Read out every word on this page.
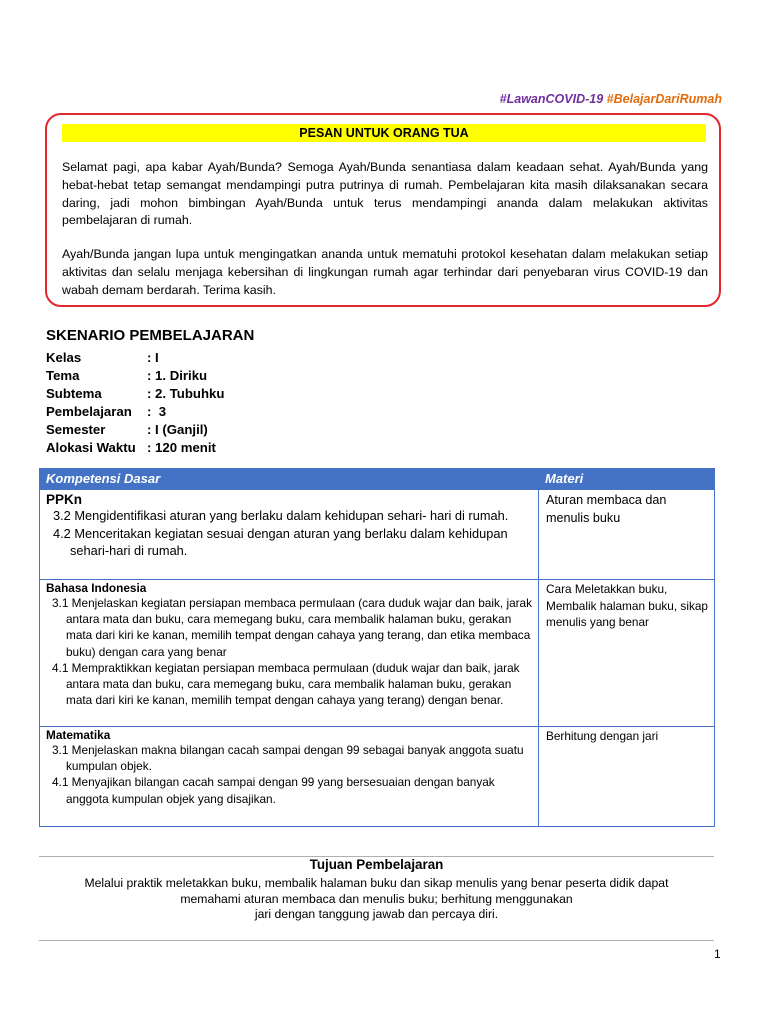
#LawanCOVID-19 #BelajarDariRumah
PESAN UNTUK ORANG TUA

Selamat pagi, apa kabar Ayah/Bunda? Semoga Ayah/Bunda senantiasa dalam keadaan sehat. Ayah/Bunda yang hebat-hebat tetap semangat mendampingi putra putrinya di rumah. Pembelajaran kita masih dilaksanakan secara daring, jadi mohon bimbingan Ayah/Bunda untuk terus mendampingi ananda dalam melakukan aktivitas pembelajaran di rumah.

Ayah/Bunda jangan lupa untuk mengingatkan ananda untuk mematuhi protokol kesehatan dalam melakukan setiap aktivitas dan selalu menjaga kebersihan di lingkungan rumah agar terhindar dari penyebaran virus COVID-19 dan wabah demam berdarah. Terima kasih.

SKENARIO PEMBELAJARAN
Kelas	: I
Tema	: 1. Diriku
Subtema	: 2. Tubuhku
Pembelajaran	:  3
Semester	: I (Ganjil)
Alokasi Waktu : 120 menit
Kompetensi Dasar	Materi

PPKn
3.2 Mengidentifikasi aturan yang berlaku dalam kehidupan sehari- hari di rumah.
4.2 Menceritakan kegiatan sesuai dengan aturan yang berlaku dalam kehidupan sehari-hari di rumah.	Aturan membaca dan menulis buku

Bahasa Indonesia
3.1 Menjelaskan kegiatan persiapan membaca permulaan (cara duduk wajar dan baik, jarak antara mata dan buku, cara memegang buku, cara membalik halaman buku, gerakan mata dari kiri ke kanan, memilih tempat dengan cahaya yang terang, dan etika membaca buku) dengan cara yang benar
4.1 Mempraktikkan kegiatan persiapan membaca permulaan (duduk wajar dan baik, jarak antara mata dan buku, cara memegang buku, cara membalik halaman buku, gerakan mata dari kiri ke kanan, memilih tempat dengan cahaya yang terang) dengan benar.	Cara Meletakkan buku, Membalik halaman buku, sikap menulis yang benar

Matematika
3.1 Menjelaskan makna bilangan cacah sampai dengan 99 sebagai banyak anggota suatu kumpulan objek.
4.1 Menyajikan bilangan cacah sampai dengan 99 yang bersesuaian dengan banyak anggota kumpulan objek yang disajikan.	Berhitung dengan jari
Tujuan Pembelajaran

Melalui praktik meletakkan buku, membalik halaman buku dan sikap menulis yang benar peserta didik dapat
memahami aturan membaca dan menulis buku; berhitung menggunakan
jari dengan tanggung jawab dan percaya diri.

1
